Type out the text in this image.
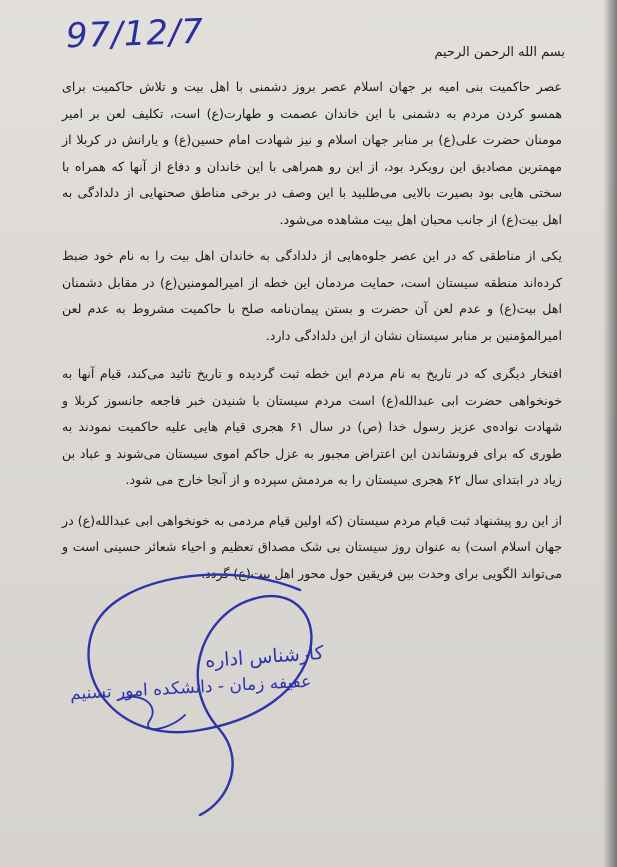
97/12/7	بسم الله الرحمن الرحیم

عصر حاکمیت بنی امیه بر جهان اسلام عصر بروز دشمنی با اهل بیت و تلاش حاکمیت برای همسو کردن مردم به دشمنی با این خاندان عصمت و طهارت(ع) است، تکلیف لعن بر امیر مومنان حضرت علی(ع) بر منابر جهان اسلام و نیز شهادت امام حسین(ع) و یارانش در کربلا از مهمترین مصادیق این رویکرد بود، از این رو همراهی با این خاندان و دفاع از آنها که همراه با سختی هایی بود بصیرت بالایی می‌طلبید با این وصف در برخی مناطق صحنهایی از دلدادگی به اهل بیت(ع) از جانب محبان اهل بیت مشاهده می‌شود.

یکی از مناطقی که در این عصر جلوه‌هایی از دلدادگی به خاندان اهل بیت را به نام خود ضبط کرده‌اند منطقه سیستان است، حمایت مردمان این خطه از امیرالمومنین(ع) در مقابل دشمنان اهل بیت(ع) و عدم لعن آن حضرت و بستن پیمان‌نامه صلح با حاکمیت مشروط به عدم لعن امیرالمؤمنین بر منابر سیستان نشان از این دلدادگی دارد.

افتخار دیگری که در تاریخ به نام مردم این خطه ثبت گردیده و تاریخ تائید می‌کند، قیام آنها به خونخواهی حضرت ابی عبدالله(ع) است مردم سیستان با شنیدن خبر فاجعه جانسوز کربلا و شهادت نواده‌ی عزیز رسول خدا (ص) در سال ۶۱ هجری قیام هایی علیه حاکمیت نمودند به طوری که برای فرونشاندن این اعتراض مجبور به عزل حاکم اموی سیستان می‌شوند و عباد بن زیاد در ابتدای سال ۶۲ هجری سیستان را به مردمش سپرده و از آنجا خارج می شود.

از این رو پیشنهاد ثبت قیام مردم سیستان (که اولین قیام مردمی به خونخواهی ابی عبدالله(ع) در جهان اسلام است) به عنوان روز سیستان بی شک مصداق تعظیم و احیاء شعائر حسینی است و می‌تواند الگویی برای وحدت بین فریقین حول محور اهل بیت(ع) گردد.

کارشناس اداره
عفیفه زمان - دانشکده امور تسنیم
